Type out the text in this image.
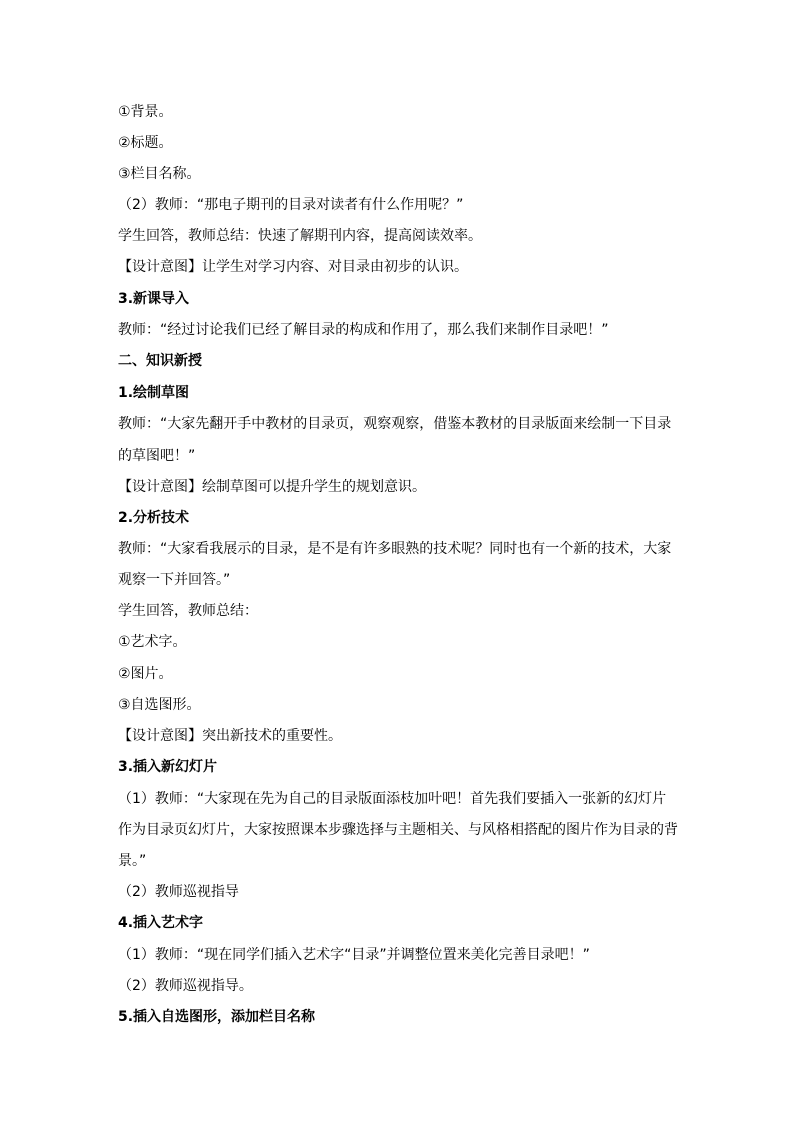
①背景。
②标题。
③栏目名称。
（2）教师：“那电子期刊的目录对读者有什么作用呢？”
学生回答，教师总结：快速了解期刊内容，提高阅读效率。
【设计意图】让学生对学习内容、对目录由初步的认识。
3.新课导入
教师：“经过讨论我们已经了解目录的构成和作用了，那么我们来制作目录吧！”
二、知识新授
1.绘制草图
教师：“大家先翻开手中教材的目录页，观察观察，借鉴本教材的目录版面来绘制一下目录
的草图吧！”
【设计意图】绘制草图可以提升学生的规划意识。
2.分析技术
教师：“大家看我展示的目录，是不是有许多眼熟的技术呢？同时也有一个新的技术，大家
观察一下并回答。”
学生回答，教师总结：
①艺术字。
②图片。
③自选图形。
【设计意图】突出新技术的重要性。
3.插入新幻灯片
（1）教师：“大家现在先为自己的目录版面添枝加叶吧！首先我们要插入一张新的幻灯片
作为目录页幻灯片，大家按照课本步骤选择与主题相关、与风格相搭配的图片作为目录的背
景。”
（2）教师巡视指导
4.插入艺术字
（1）教师：“现在同学们插入艺术字“目录”并调整位置来美化完善目录吧！”
（2）教师巡视指导。
5.插入自选图形，添加栏目名称
